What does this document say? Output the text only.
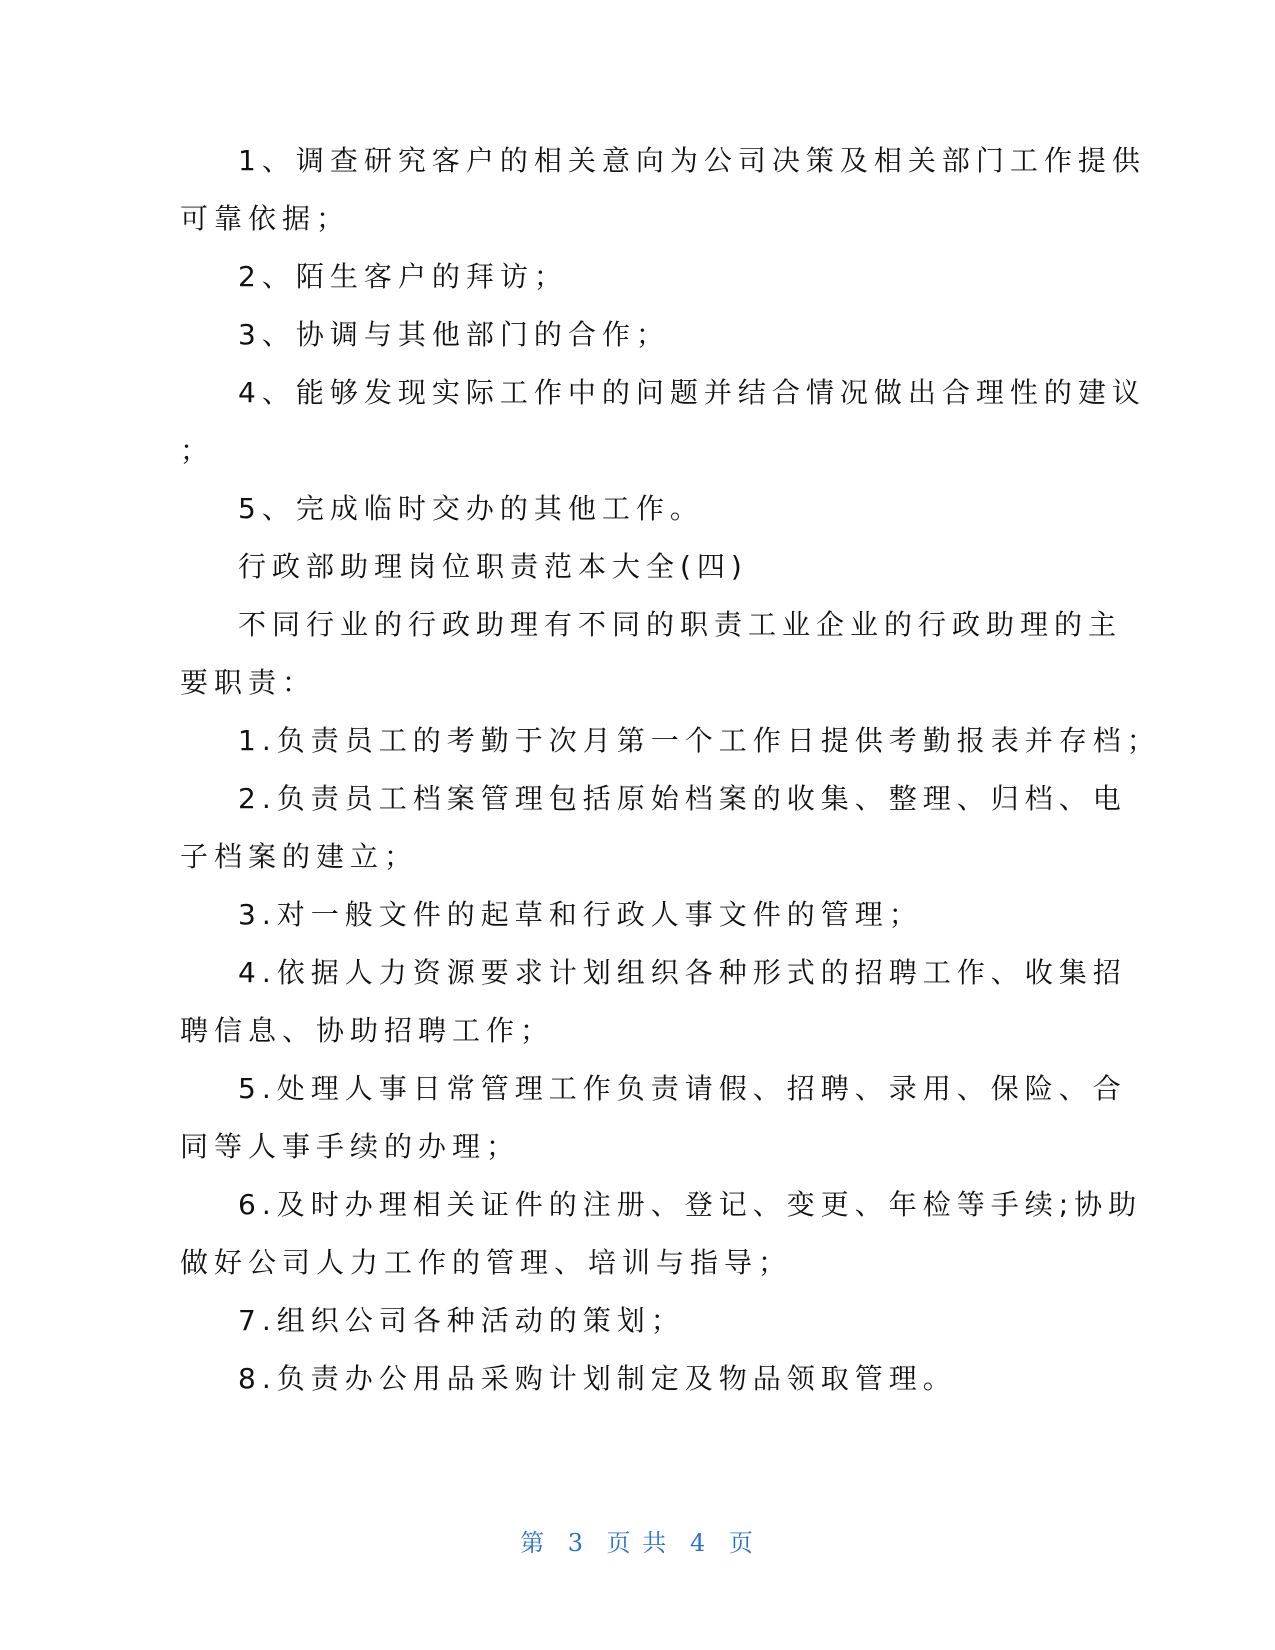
1、调查研究客户的相关意向为公司决策及相关部门工作提供
可靠依据；
2、陌生客户的拜访；
3、协调与其他部门的合作；
4、能够发现实际工作中的问题并结合情况做出合理性的建议
；
5、完成临时交办的其他工作。
行政部助理岗位职责范本大全(四)
不同行业的行政助理有不同的职责工业企业的行政助理的主
要职责：
1.负责员工的考勤于次月第一个工作日提供考勤报表并存档；
2.负责员工档案管理包括原始档案的收集、整理、归档、电
子档案的建立；
3.对一般文件的起草和行政人事文件的管理；
4.依据人力资源要求计划组织各种形式的招聘工作、收集招
聘信息、协助招聘工作；
5.处理人事日常管理工作负责请假、招聘、录用、保险、合
同等人事手续的办理；
6.及时办理相关证件的注册、登记、变更、年检等手续;协助
做好公司人力工作的管理、培训与指导；
7.组织公司各种活动的策划；
8.负责办公用品采购计划制定及物品领取管理。
第 3 页 共 4 页
